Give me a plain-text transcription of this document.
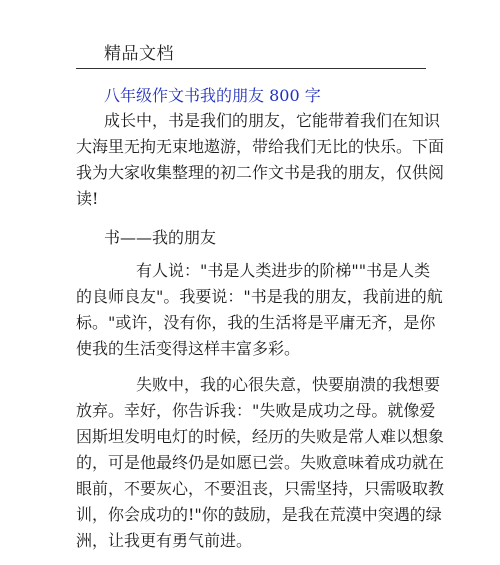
精品文档
八年级作文书我的朋友 800 字
成长中，书是我们的朋友，它能带着我们在知识
大海里无拘无束地遨游，带给我们无比的快乐。下面
我为大家收集整理的初二作文书是我的朋友，仅供阅
读!
书——我的朋友
有人说："书是人类进步的阶梯""书是人类
的良师良友"。我要说："书是我的朋友，我前进的航
标。"或许，没有你，我的生活将是平庸无齐，是你
使我的生活变得这样丰富多彩。
失败中，我的心很失意，快要崩溃的我想要
放弃。幸好，你告诉我："失败是成功之母。就像爱
因斯坦发明电灯的时候，经历的失败是常人难以想象
的，可是他最终仍是如愿已尝。失败意味着成功就在
眼前，不要灰心，不要沮丧，只需坚持，只需吸取教
训，你会成功的!"你的鼓励，是我在荒漠中突遇的绿
洲，让我更有勇气前进。
